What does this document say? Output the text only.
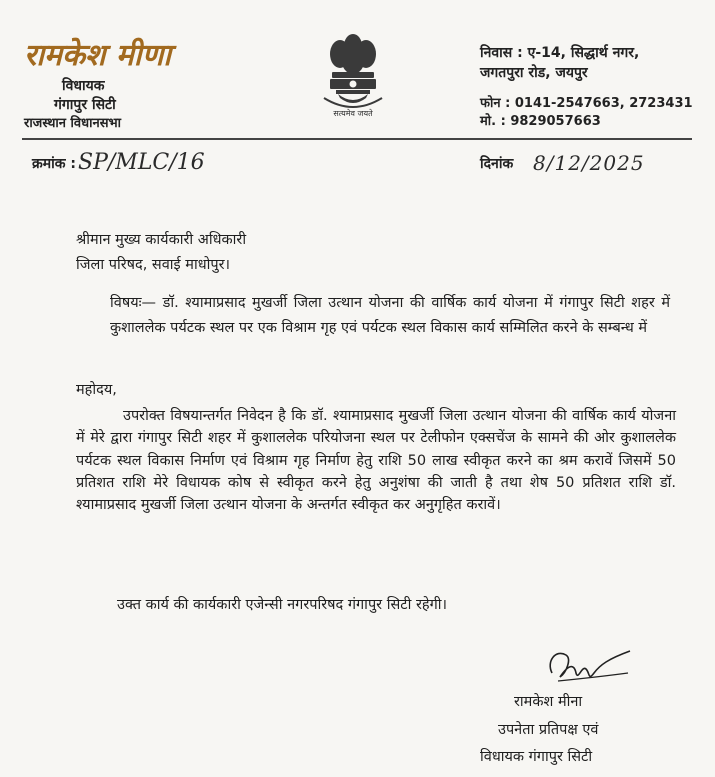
रामकेश मीणा
विधायक
गंगापुर सिटी
राजस्थान विधानसभा
सत्यमेव जयते
निवास : ए-14, सिद्धार्थ नगर,
जगतपुरा रोड, जयपुर
फोन : 0141-2547663, 2723431
मो. : 9829057663
क्रमांक : SP/MLC/16	दिनांक 8/12/2025
श्रीमान मुख्य कार्यकारी अधिकारी
जिला परिषद, सवाई माधोपुर।
विषयः— डॉ. श्यामाप्रसाद मुखर्जी जिला उत्थान योजना की वार्षिक कार्य योजना में गंगापुर सिटी शहर में कुशाललेक पर्यटक स्थल पर एक विश्राम गृह एवं पर्यटक स्थल विकास कार्य सम्मिलित करने के सम्बन्ध में
महोदय,
उपरोक्त विषयान्तर्गत निवेदन है कि डॉ. श्यामाप्रसाद मुखर्जी जिला उत्थान योजना की वार्षिक कार्य योजना में मेरे द्वारा गंगापुर सिटी शहर में कुशाललेक परियोजना स्थल पर टेलीफोन एक्सचेंज के सामने की ओर कुशाललेक पर्यटक स्थल विकास निर्माण एवं विश्राम गृह निर्माण हेतु राशि 50 लाख स्वीकृत करने का श्रम करावें जिसमें 50 प्रतिशत राशि मेरे विधायक कोष से स्वीकृत करने हेतु अनुशंषा की जाती है तथा शेष 50 प्रतिशत राशि डॉ. श्यामाप्रसाद मुखर्जी जिला उत्थान योजना के अन्तर्गत स्वीकृत कर अनुगृहित करावें।
उक्त कार्य की कार्यकारी एजेन्सी नगरपरिषद गंगापुर सिटी रहेगी।
रामकेश मीना
उपनेता प्रतिपक्ष एवं
विधायक गंगापुर सिटी
